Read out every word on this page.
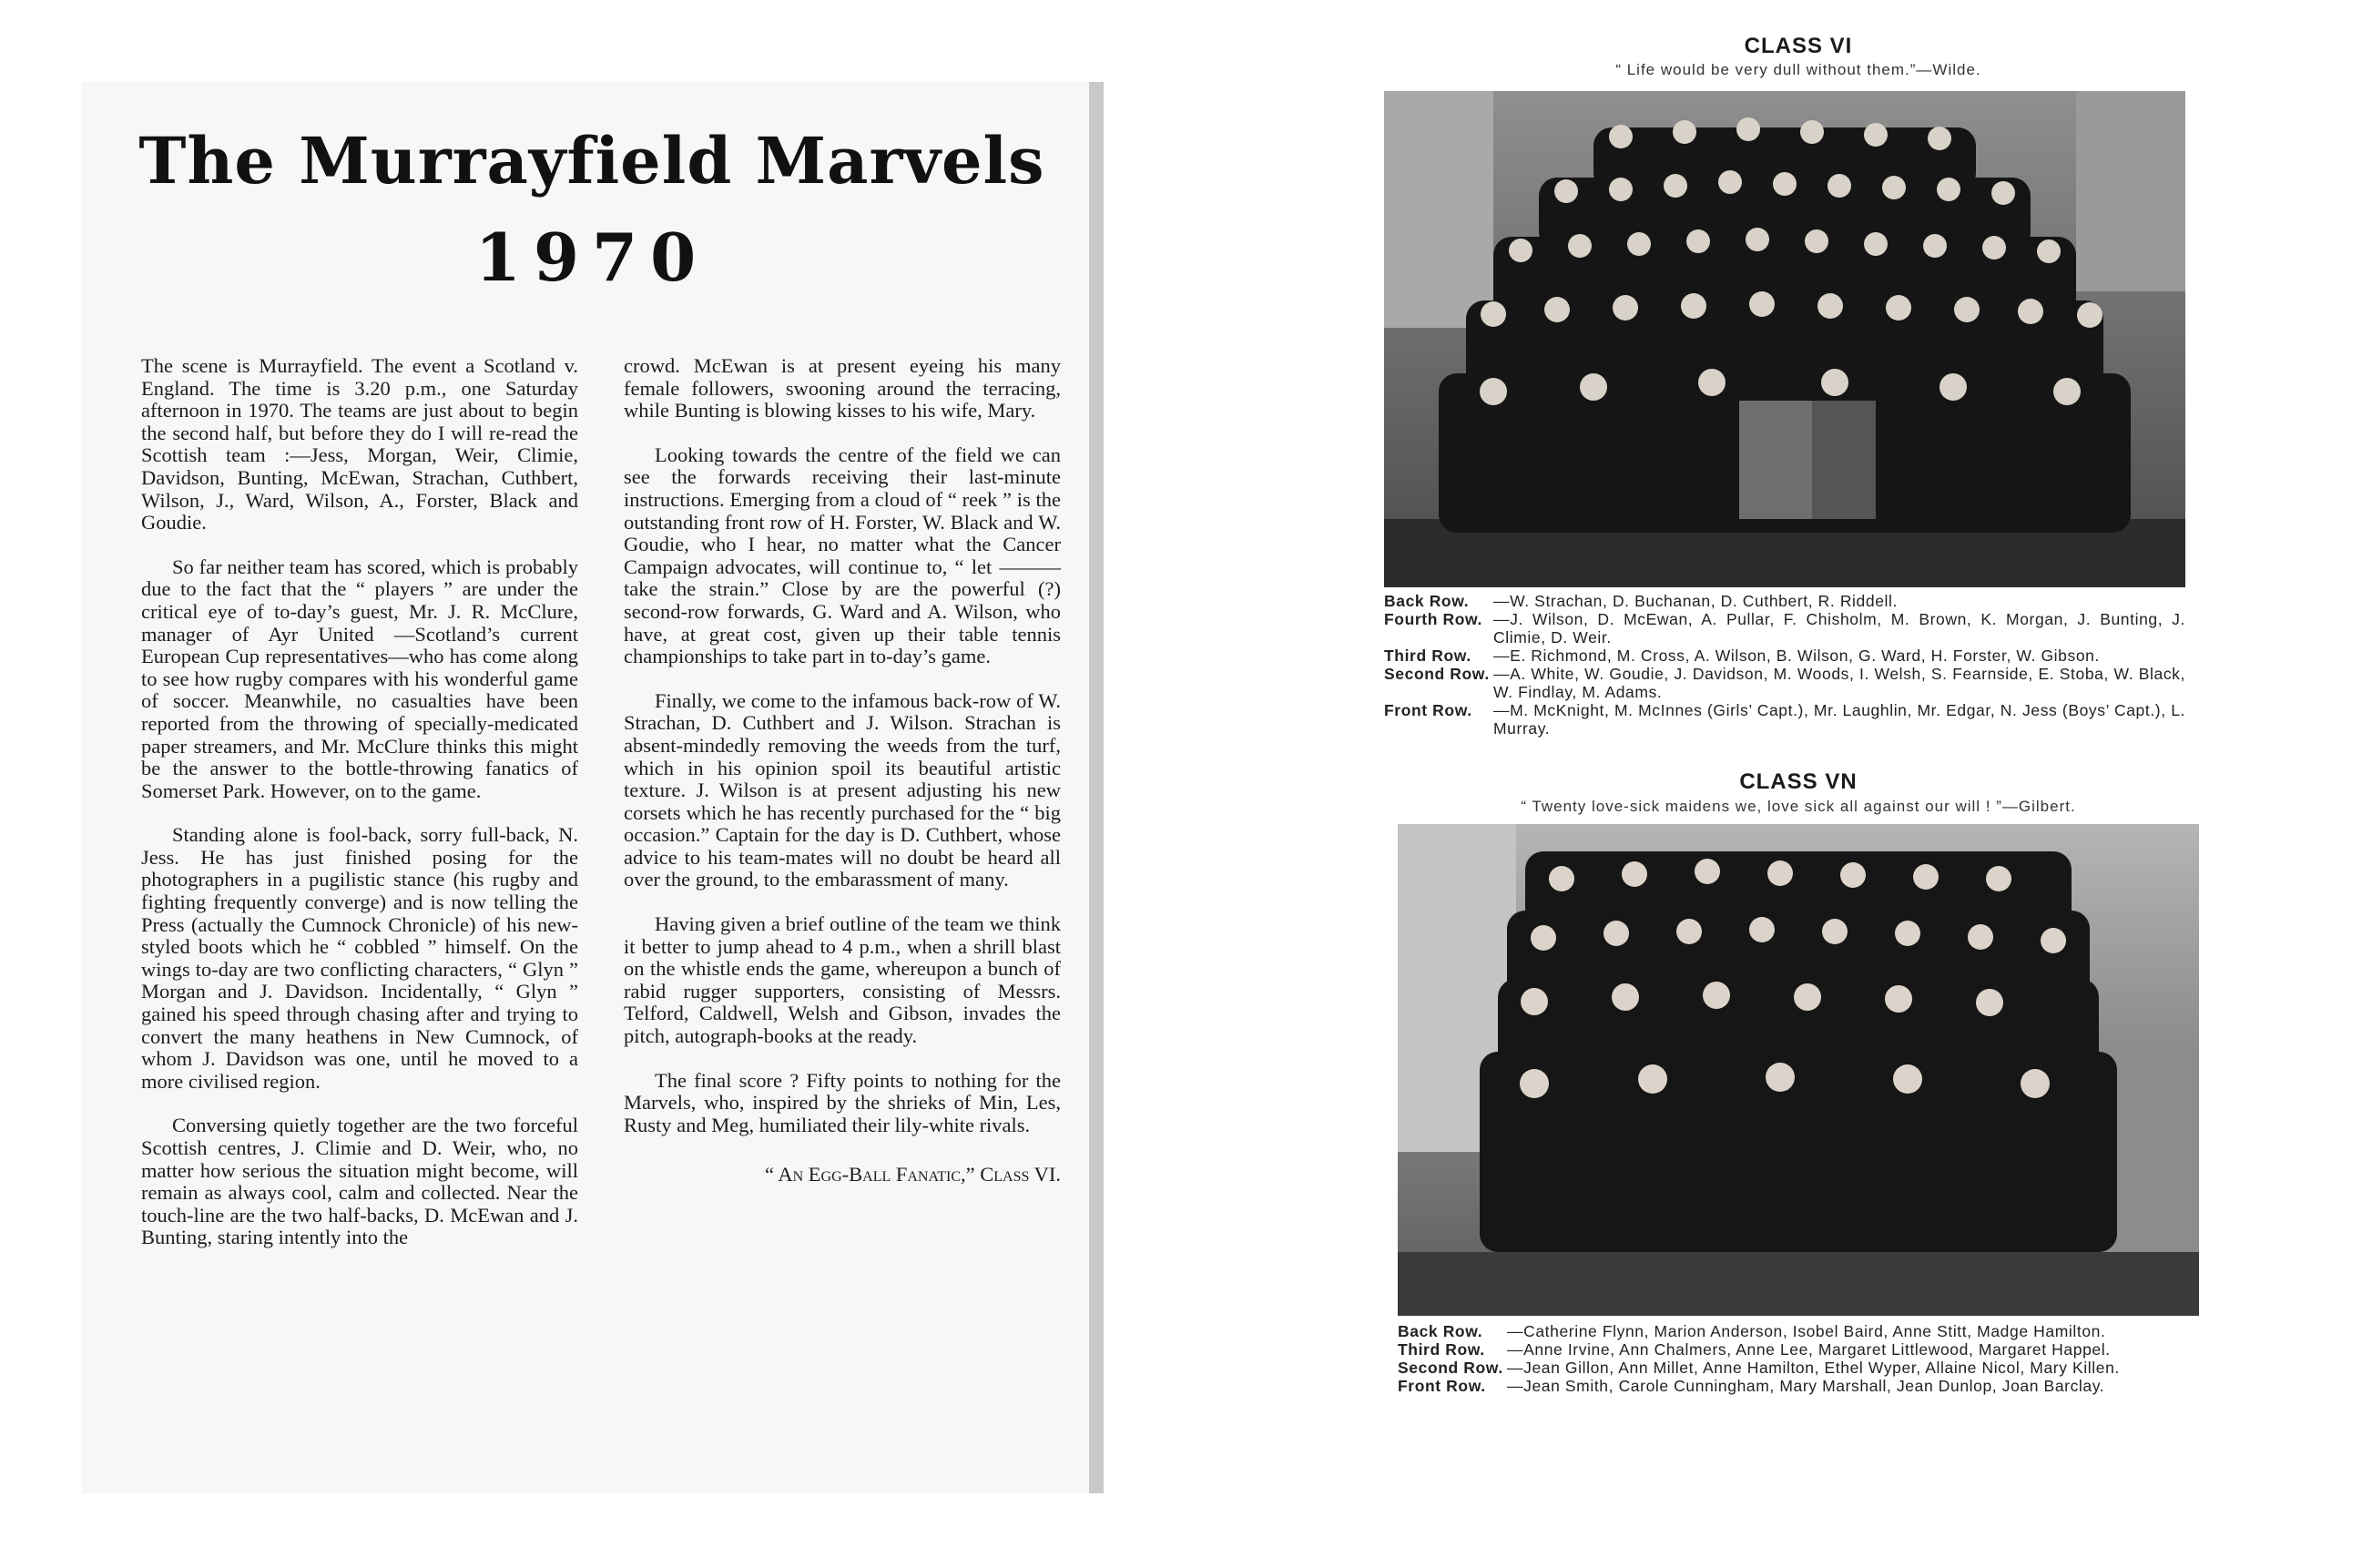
The Murrayfield Marvels
1970

The scene is Murrayfield. The event a Scotland v. England. The time is 3.20 p.m., one Saturday afternoon in 1970. The teams are just about to begin the second half, but before they do I will re-read the Scottish team :—Jess, Morgan, Weir, Climie, Davidson, Bunting, McEwan, Strachan, Cuthbert, Wilson, J., Ward, Wilson, A., Forster, Black and Goudie.

So far neither team has scored, which is probably due to the fact that the “ players ” are under the critical eye of to-day’s guest, Mr. J. R. McClure, manager of Ayr United —Scotland’s current European Cup representatives—who has come along to see how rugby compares with his wonderful game of soccer. Meanwhile, no casualties have been reported from the throwing of specially-medicated paper streamers, and Mr. McClure thinks this might be the answer to the bottle-throwing fanatics of Somerset Park. However, on to the game.

Standing alone is fool-back, sorry full-back, N. Jess. He has just finished posing for the photographers in a pugilistic stance (his rugby and fighting frequently converge) and is now telling the Press (actually the Cumnock Chronicle) of his new-styled boots which he “ cobbled ” himself. On the wings to-day are two conflicting characters, “ Glyn ” Morgan and J. Davidson. Incidentally, “ Glyn ” gained his speed through chasing after and trying to convert the many heathens in New Cumnock, of whom J. Davidson was one, until he moved to a more civilised region.

Conversing quietly together are the two forceful Scottish centres, J. Climie and D. Weir, who, no matter how serious the situation might become, will remain as always cool, calm and collected. Near the touch-line are the two half-backs, D. McEwan and J. Bunting, staring intently into the

crowd. McEwan is at present eyeing his many female followers, swooning around the terracing, while Bunting is blowing kisses to his wife, Mary.

Looking towards the centre of the field we can see the forwards receiving their last-minute instructions. Emerging from a cloud of “ reek ” is the outstanding front row of H. Forster, W. Black and W. Goudie, who I hear, no matter what the Cancer Campaign advocates, will continue to, “ let ——— take the strain.” Close by are the powerful (?) second-row forwards, G. Ward and A. Wilson, who have, at great cost, given up their table tennis championships to take part in to-day’s game.

Finally, we come to the infamous back-row of W. Strachan, D. Cuthbert and J. Wilson. Strachan is absent-mindedly removing the weeds from the turf, which in his opinion spoil its beautiful artistic texture. J. Wilson is at present adjusting his new corsets which he has recently purchased for the “ big occasion.” Captain for the day is D. Cuthbert, whose advice to his team-mates will no doubt be heard all over the ground, to the embarassment of many.

Having given a brief outline of the team we think it better to jump ahead to 4 p.m., when a shrill blast on the whistle ends the game, whereupon a bunch of rabid rugger supporters, consisting of Messrs. Telford, Caldwell, Welsh and Gibson, invades the pitch, autograph-books at the ready.

The final score ? Fifty points to nothing for the Marvels, who, inspired by the shrieks of Min, Les, Rusty and Meg, humiliated their lily-white rivals.

“ An Egg-Ball Fanatic,” Class VI.
CLASS VI
“ Life would be very dull without them.”—Wilde.
Back Row.	—W. Strachan, D. Buchanan, D. Cuthbert, R. Riddell.
Fourth Row. —J. Wilson, D. McEwan, A. Pullar, F. Chisholm, M. Brown, K. Morgan, J. Bunting, J. Climie, D. Weir.
Third Row.	—E. Richmond, M. Cross, A. Wilson, B. Wilson, G. Ward, H. Forster, W. Gibson.
Second Row. —A. White, W. Goudie, J. Davidson, M. Woods, I. Welsh, S. Fearnside, E. Stoba, W. Black, W. Findlay, M. Adams.
Front Row.	—M. McKnight, M. McInnes (Girls’ Capt.), Mr. Laughlin, Mr. Edgar, N. Jess (Boys’ Capt.), L. Murray.
CLASS VN
“ Twenty love-sick maidens we, love sick all against our will ! ”—Gilbert.
Back Row.	—Catherine Flynn, Marion Anderson, Isobel Baird, Anne Stitt, Madge Hamilton.
Third Row.	—Anne Irvine, Ann Chalmers, Anne Lee, Margaret Littlewood, Margaret Happel.
Second Row. —Jean Gillon, Ann Millet, Anne Hamilton, Ethel Wyper, Allaine Nicol, Mary Killen.
Front Row.	—Jean Smith, Carole Cunningham, Mary Marshall, Jean Dunlop, Joan Barclay.
